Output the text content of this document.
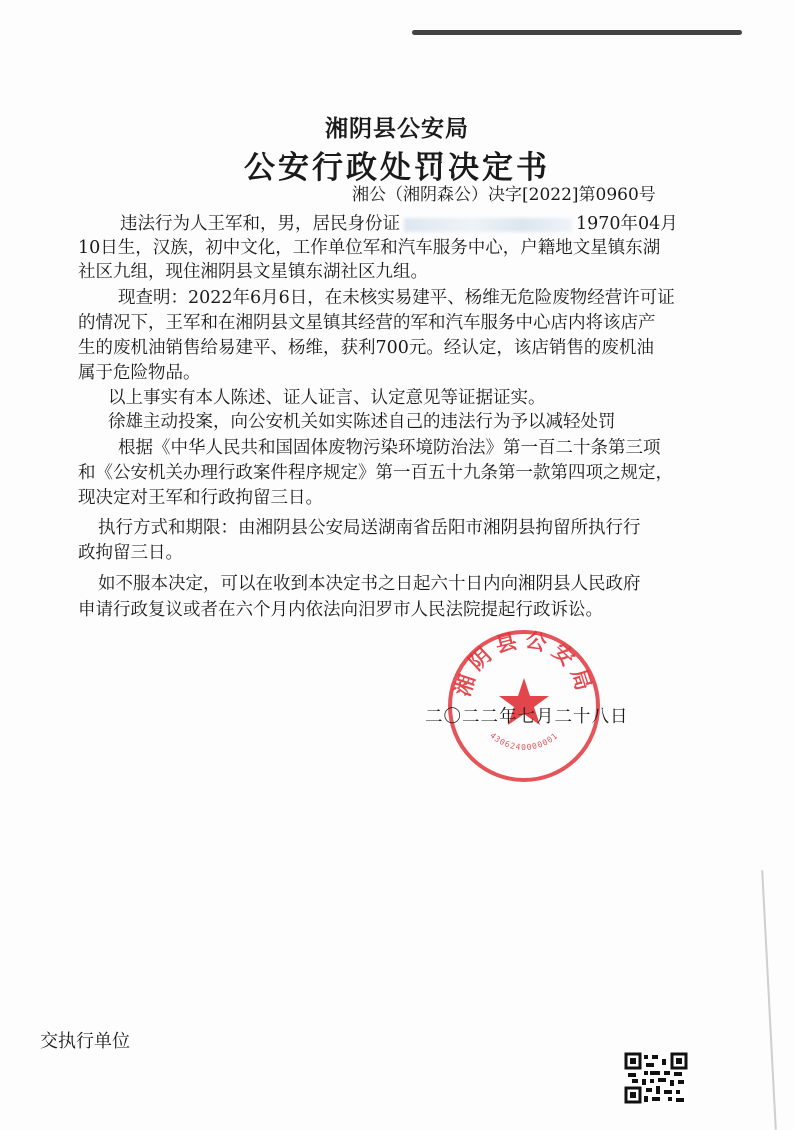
湘阴县公安局
公安行政处罚决定书
湘公（湘阴森公）决字[2022]第0960号
违法行为人王军和，男，居民身份证	1970年04月
10日生，汉族，初中文化，工作单位军和汽车服务中心，户籍地文星镇东湖
社区九组，现住湘阴县文星镇东湖社区九组。
现查明：2022年6月6日，在未核实易建平、杨维无危险废物经营许可证
的情况下，王军和在湘阴县文星镇其经营的军和汽车服务中心店内将该店产
生的废机油销售给易建平、杨维，获利700元。经认定，该店销售的废机油
属于危险物品。
以上事实有本人陈述、证人证言、认定意见等证据证实。
徐雄主动投案，向公安机关如实陈述自己的违法行为予以减轻处罚
根据《中华人民共和国固体废物污染环境防治法》第一百二十条第三项
和《公安机关办理行政案件程序规定》第一百五十九条第一款第四项之规定，
现决定对王军和行政拘留三日。
执行方式和期限：由湘阴县公安局送湖南省岳阳市湘阴县拘留所执行行
政拘留三日。
如不服本决定，可以在收到本决定书之日起六十日内向湘阴县人民政府
申请行政复议或者在六个月内依法向汨罗市人民法院提起行政诉讼。
湘阴县公安局
4306240000001
二〇二二年七月二十八日
交执行单位
